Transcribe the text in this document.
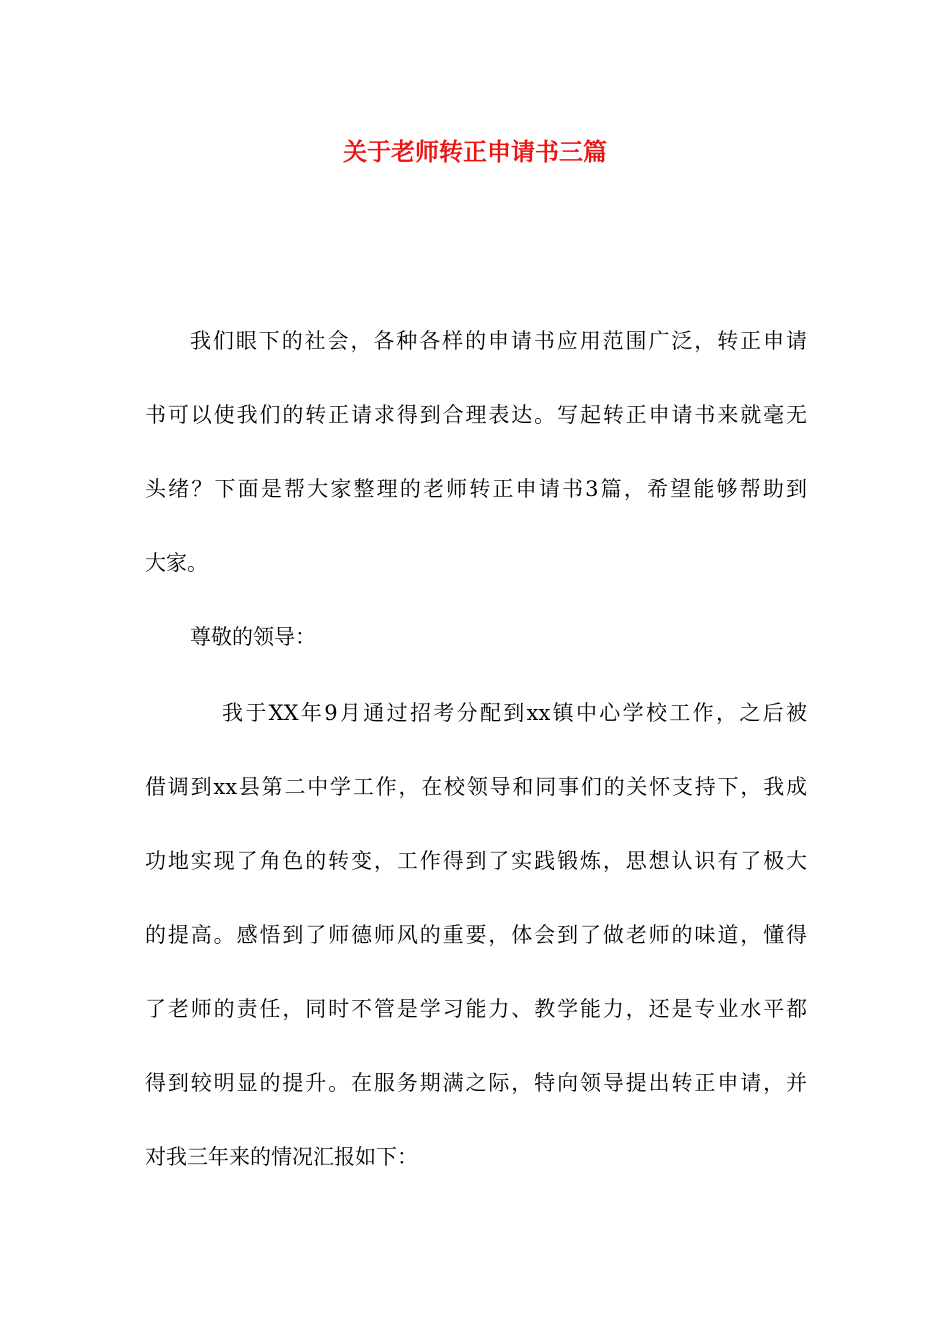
关于老师转正申请书三篇
我们眼下的社会，各种各样的申请书应用范围广泛，转正申请
书可以使我们的转正请求得到合理表达。写起转正申请书来就毫无
头绪？下面是帮大家整理的老师转正申请书3篇，希望能够帮助到
大家。
尊敬的领导：
我于XX年9月通过招考分配到xx镇中心学校工作，之后被
借调到xx县第二中学工作，在校领导和同事们的关怀支持下，我成
功地实现了角色的转变，工作得到了实践锻炼，思想认识有了极大
的提高。感悟到了师德师风的重要，体会到了做老师的味道，懂得
了老师的责任，同时不管是学习能力、教学能力，还是专业水平都
得到较明显的提升。在服务期满之际，特向领导提出转正申请，并
对我三年来的情况汇报如下：
